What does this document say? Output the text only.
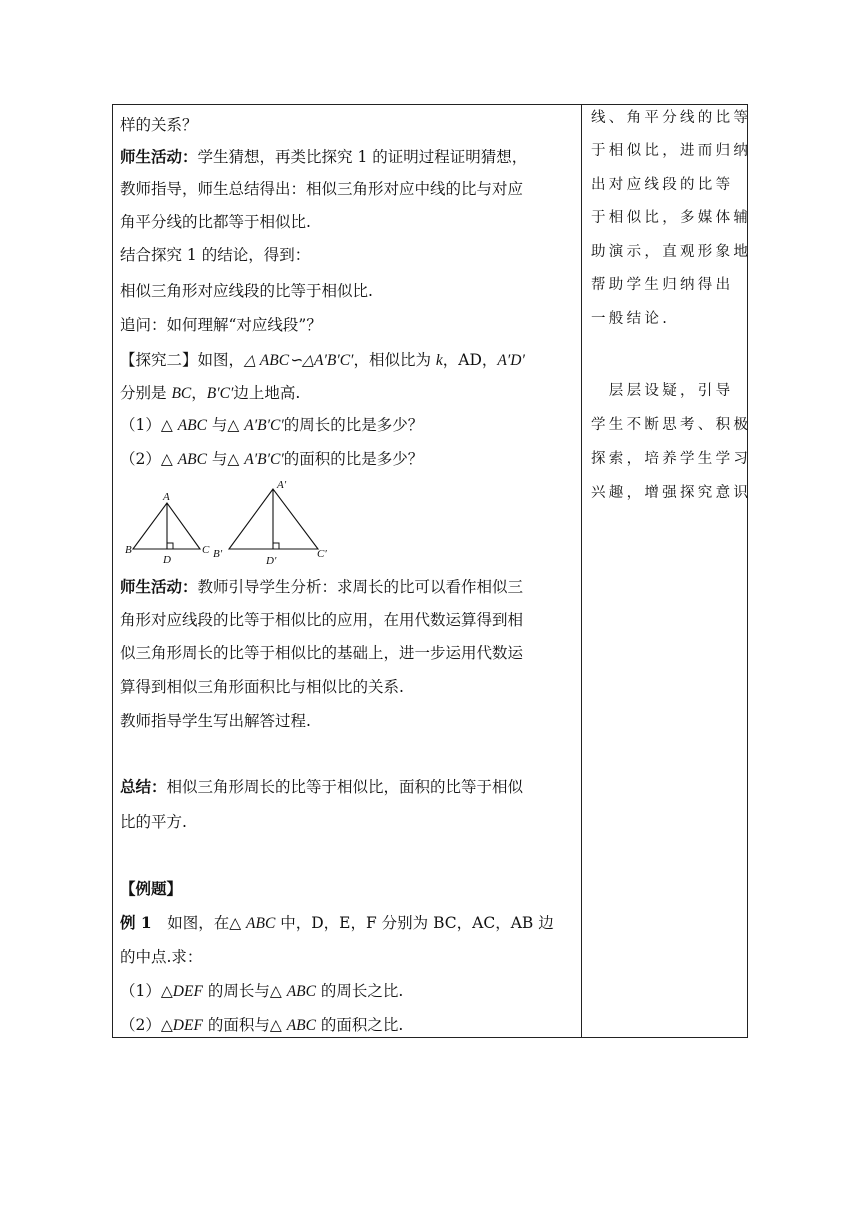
样的关系？
师生活动：学生猜想，再类比探究 1 的证明过程证明猜想，
教师指导，师生总结得出：相似三角形对应中线的比与对应
角平分线的比都等于相似比.
结合探究 1 的结论，得到：
相似三角形对应线段的比等于相似比.
追问：如何理解“对应线段”？
【探究二】如图，△ ABC∽△A′B′C′，相似比为 k，AD，A′D′
分别是 BC，B′C′边上地高.
（1）△ ABC 与△ A′B′C′的周长的比是多少？
（2）△ ABC 与△ A′B′C′的面积的比是多少？
A
B	C
D
A′
B′	C′
D′
师生活动：教师引导学生分析：求周长的比可以看作相似三
角形对应线段的比等于相似比的应用，在用代数运算得到相
似三角形周长的比等于相似比的基础上，进一步运用代数运
算得到相似三角形面积比与相似比的关系.
教师指导学生写出解答过程.
总结：相似三角形周长的比等于相似比，面积的比等于相似
比的平方.
【例题】
例 1　如图，在△ ABC 中，D，E，F 分别为 BC，AC，AB 边
的中点.求：
（1）△DEF 的周长与△ ABC 的周长之比.
（2）△DEF 的面积与△ ABC 的面积之比.
线、角平分线的比等
于相似比，进而归纳
出对应线段的比等
于相似比，多媒体辅
助演示，直观形象地
帮助学生归纳得出
一般结论.
　层层设疑，引导
学生不断思考、积极
探索，培养学生学习
兴趣，增强探究意识
